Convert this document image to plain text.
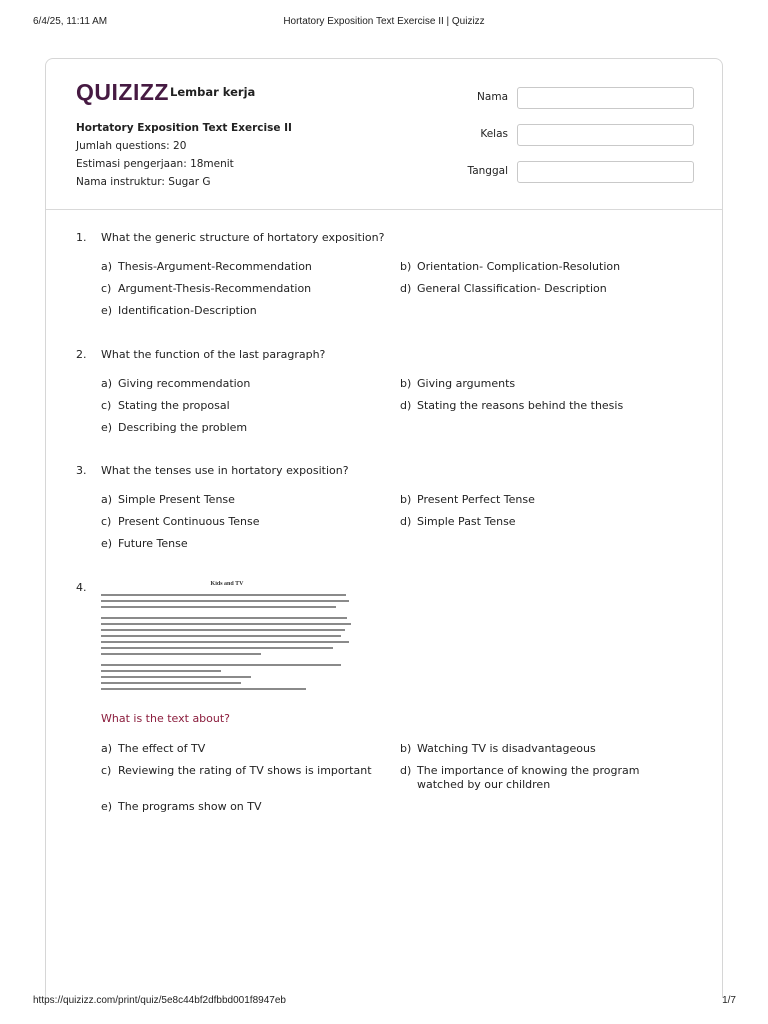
6/4/25, 11:11 AM	Hortatory Exposition Text Exercise II | Quizizz
QUIZIZZ Lembar kerja
Hortatory Exposition Text Exercise II
Jumlah questions: 20
Estimasi pengerjaan: 18menit
Nama instruktur: Sugar G
Nama
Kelas
Tanggal
1. What the generic structure of hortatory exposition?
a) Thesis-Argument-Recommendation	b) Orientation- Complication-Resolution
c) Argument-Thesis-Recommendation	d) General Classification- Description
e) Identification-Description
2. What the function of the last paragraph?
a) Giving recommendation	b) Giving arguments
c) Stating the proposal	d) Stating the reasons behind the thesis
e) Describing the problem
3. What the tenses use in hortatory exposition?
a) Simple Present Tense	b) Present Perfect Tense
c) Present Continuous Tense	d) Simple Past Tense
e) Future Tense
4.	Kids and TV
What is the text about?
a) The effect of TV	b) Watching TV is disadvantageous
c) Reviewing the rating of TV shows is important	d) The importance of knowing the program watched by our children
e) The programs show on TV
https://quizizz.com/print/quiz/5e8c44bf2dfbbd001f8947eb	1/7
